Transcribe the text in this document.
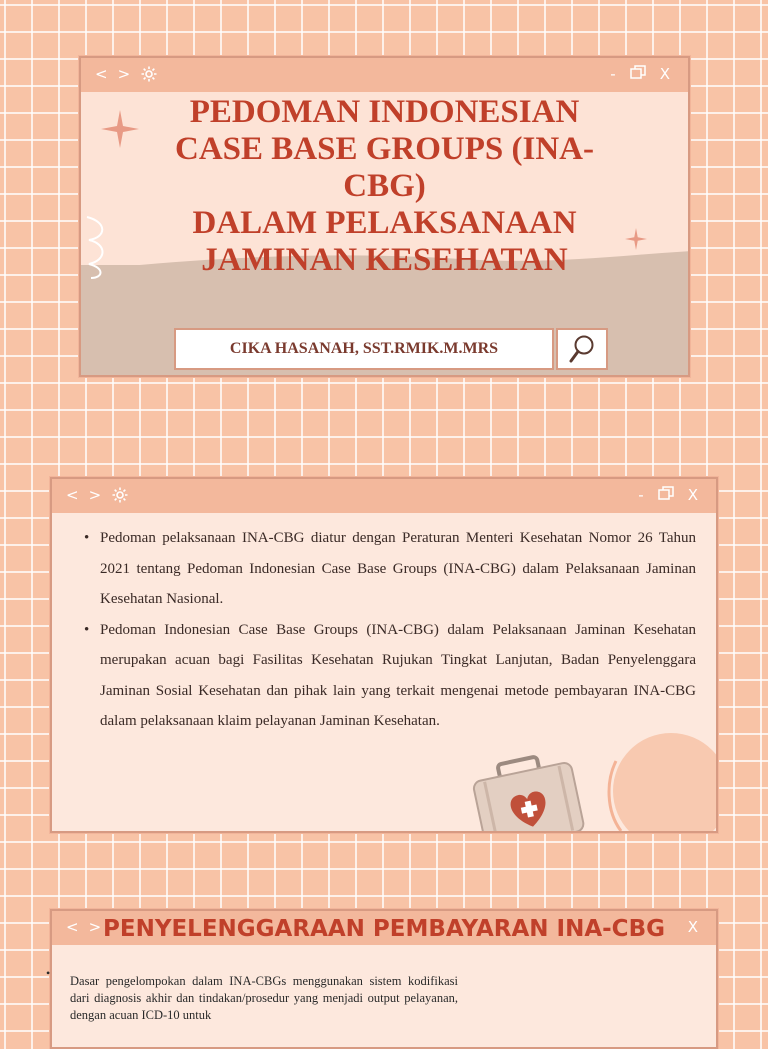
< >	-	X
PEDOMAN INDONESIAN
CASE BASE GROUPS (INA-
CBG)
DALAM PELAKSANAAN
JAMINAN KESEHATAN
CIKA HASANAH, SST.RMIK.M.MRS
< >	-	X
• Pedoman pelaksanaan INA-CBG diatur dengan Peraturan Menteri Kesehatan Nomor 26 Tahun 2021 tentang Pedoman Indonesian Case Base Groups (INA-CBG) dalam Pelaksanaan Jaminan Kesehatan Nasional.
• Pedoman Indonesian Case Base Groups (INA-CBG) dalam Pelaksanaan Jaminan Kesehatan merupakan acuan bagi Fasilitas Kesehatan Rujukan Tingkat Lanjutan, Badan Penyelenggara Jaminan Sosial Kesehatan dan pihak lain yang terkait mengenai metode pembayaran INA-CBG dalam pelaksanaan klaim pelayanan Jaminan Kesehatan.
< >	X
PENYELENGGARAAN PEMBAYARAN INA-CBG

Dasar pengelompokan dalam INA-CBGs menggunakan sistem kodifikasi dari diagnosis akhir dan tindakan/prosedur yang menjadi output pelayanan, dengan acuan ICD-10 untuk

•
